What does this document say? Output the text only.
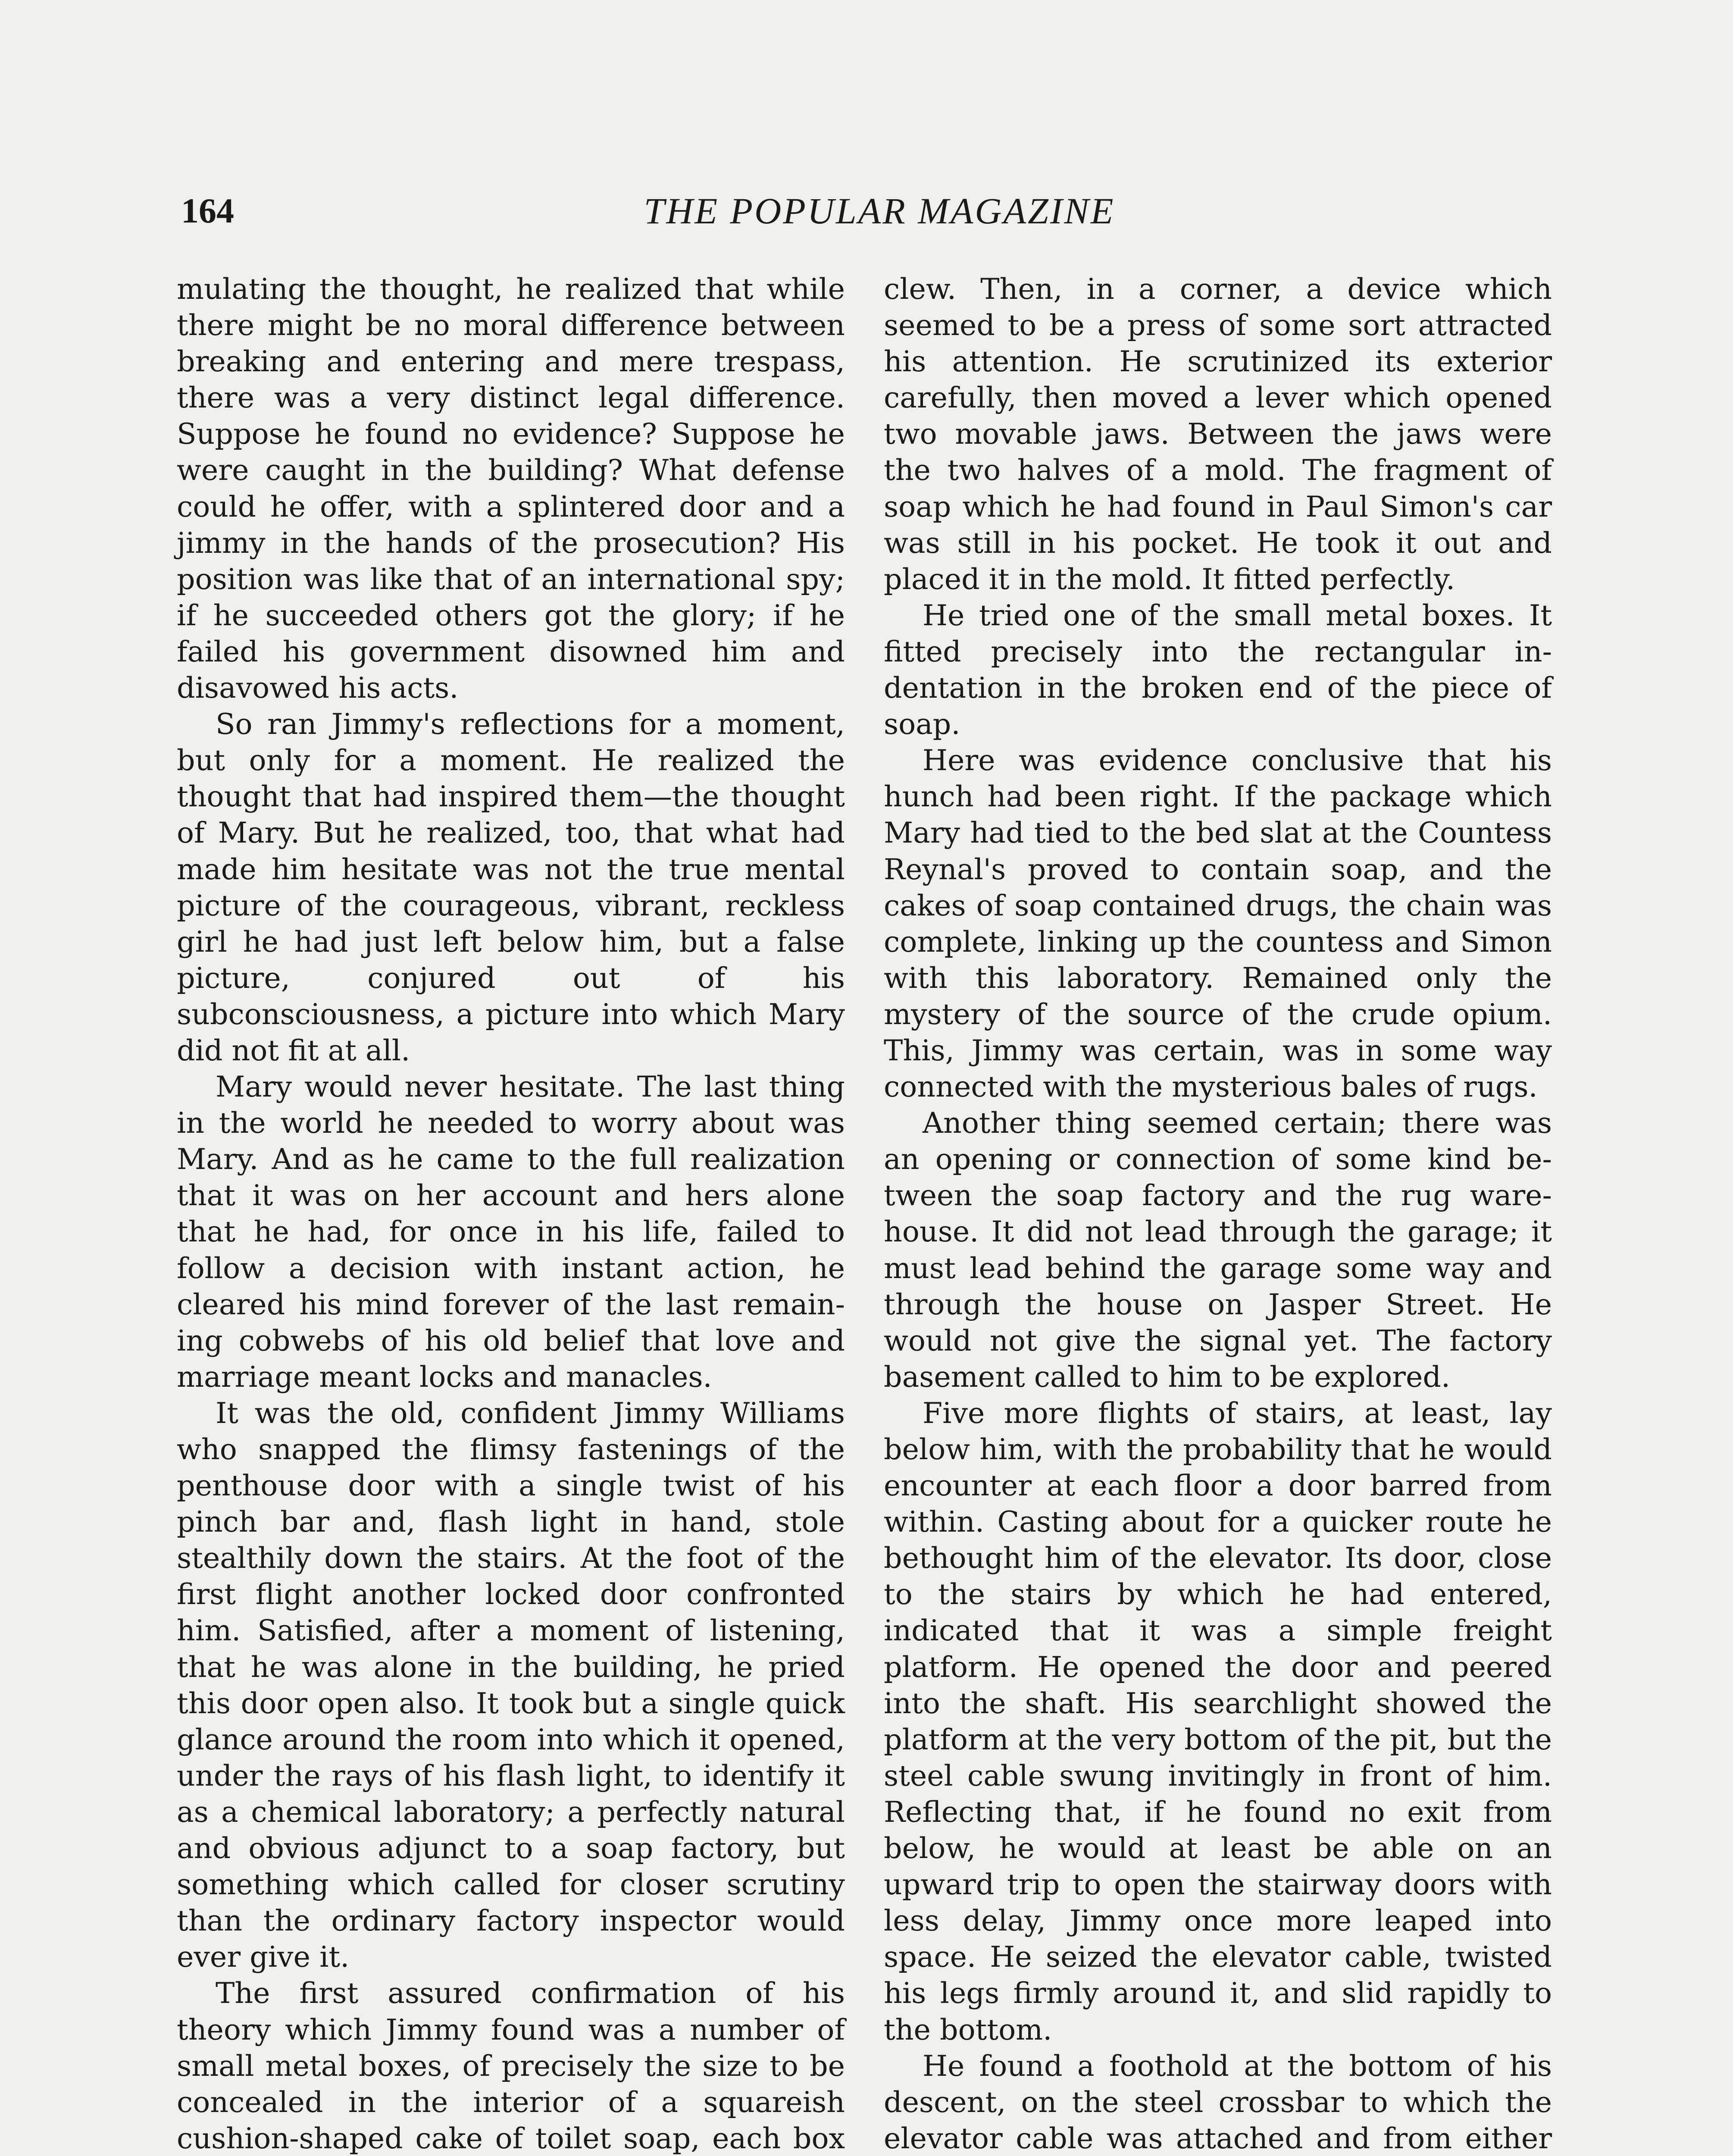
164	THE POPULAR MAGAZINE

mulating the thought, he realized that while there might be no moral difference between breaking and entering and mere trespass, there was a very distinct legal difference. Suppose he found no evidence? Suppose he were caught in the building? What defense could he offer, with a splintered door and a jimmy in the hands of the prosecution? His position was like that of an international spy; if he succeeded others got the glory; if he failed his government disowned him and disavowed his acts.

So ran Jimmy's reflections for a moment, but only for a moment. He realized the thought that had inspired them—the thought of Mary. But he realized, too, that what had made him hesitate was not the true mental picture of the courageous, vibrant, reckless girl he had just left below him, but a false picture, conjured out of his subconsciousness, a picture into which Mary did not fit at all.

Mary would never hesitate. The last thing in the world he needed to worry about was Mary. And as he came to the full realization that it was on her account and hers alone that he had, for once in his life, failed to follow a decision with instant action, he cleared his mind forever of the last remaining cobwebs of his old belief that love and marriage meant locks and manacles.

It was the old, confident Jimmy Williams who snapped the flimsy fastenings of the penthouse door with a single twist of his pinch bar and, flash light in hand, stole stealthily down the stairs. At the foot of the first flight another locked door confronted him. Satisfied, after a moment of listening, that he was alone in the building, he pried this door open also. It took but a single quick glance around the room into which it opened, under the rays of his flash light, to identify it as a chemical laboratory; a perfectly natural and obvious adjunct to a soap factory, but something which called for closer scrutiny than the ordinary factory inspector would ever give it.

The first assured confirmation of his theory which Jimmy found was a number of small metal boxes, of precisely the size to be concealed in the interior of a squareish cushion-shaped cake of toilet soap, each box

clew. Then, in a corner, a device which seemed to be a press of some sort attracted his attention. He scrutinized its exterior carefully, then moved a lever which opened two movable jaws. Between the jaws were the two halves of a mold. The fragment of soap which he had found in Paul Simon's car was still in his pocket. He took it out and placed it in the mold. It fitted perfectly.

He tried one of the small metal boxes. It fitted precisely into the rectangular indentation in the broken end of the piece of soap.

Here was evidence conclusive that his hunch had been right. If the package which Mary had tied to the bed slat at the Countess Reynal's proved to contain soap, and the cakes of soap contained drugs, the chain was complete, linking up the countess and Simon with this laboratory. Remained only the mystery of the source of the crude opium. This, Jimmy was certain, was in some way connected with the mysterious bales of rugs.

Another thing seemed certain; there was an opening or connection of some kind between the soap factory and the rug warehouse. It did not lead through the garage; it must lead behind the garage some way and through the house on Jasper Street. He would not give the signal yet. The factory basement called to him to be explored.

Five more flights of stairs, at least, lay below him, with the probability that he would encounter at each floor a door barred from within. Casting about for a quicker route he bethought him of the elevator. Its door, close to the stairs by which he had entered, indicated that it was a simple freight platform. He opened the door and peered into the shaft. His searchlight showed the platform at the very bottom of the pit, but the steel cable swung invitingly in front of him. Reflecting that, if he found no exit from below, he would at least be able on an upward trip to open the stairway doors with less delay, Jimmy once more leaped into space. He seized the elevator cable, twisted his legs firmly around it, and slid rapidly to the bottom.

He found a foothold at the bottom of his descent, on the steel crossbar to which the elevator cable was attached and from either
